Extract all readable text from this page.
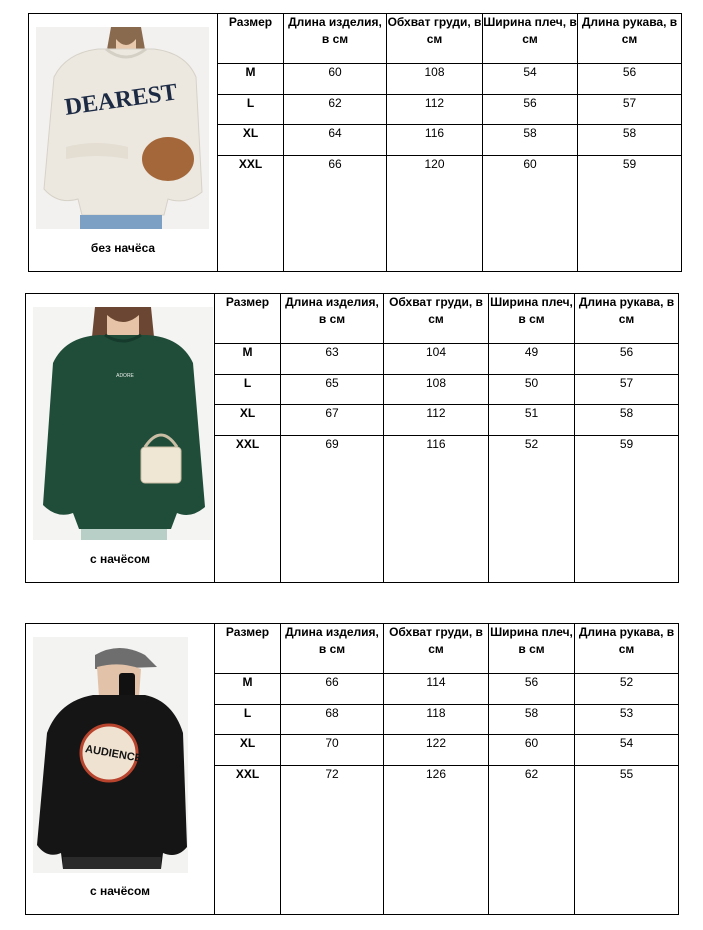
DEAREST
без начёса	Размер	Длина изделия, в см	Обхват груди, в см	Ширина плеч, в см	Длина рукава, в см
	M	60	108	54	56
	L	62	112	56	57
	XL	64	116	58	58
	XXL	66	120	60	59
ADORE
с начёсом	Размер	Длина изделия, в см	Обхват груди, в см	Ширина плеч, в см	Длина рукава, в см
	M	63	104	49	56
	L	65	108	50	57
	XL	67	112	51	58
	XXL	69	116	52	59
AUDIENCE
с начёсом	Размер	Длина изделия, в см	Обхват груди, в см	Ширина плеч, в см	Длина рукава, в см
	M	66	114	56	52
	L	68	118	58	53
	XL	70	122	60	54
	XXL	72	126	62	55
